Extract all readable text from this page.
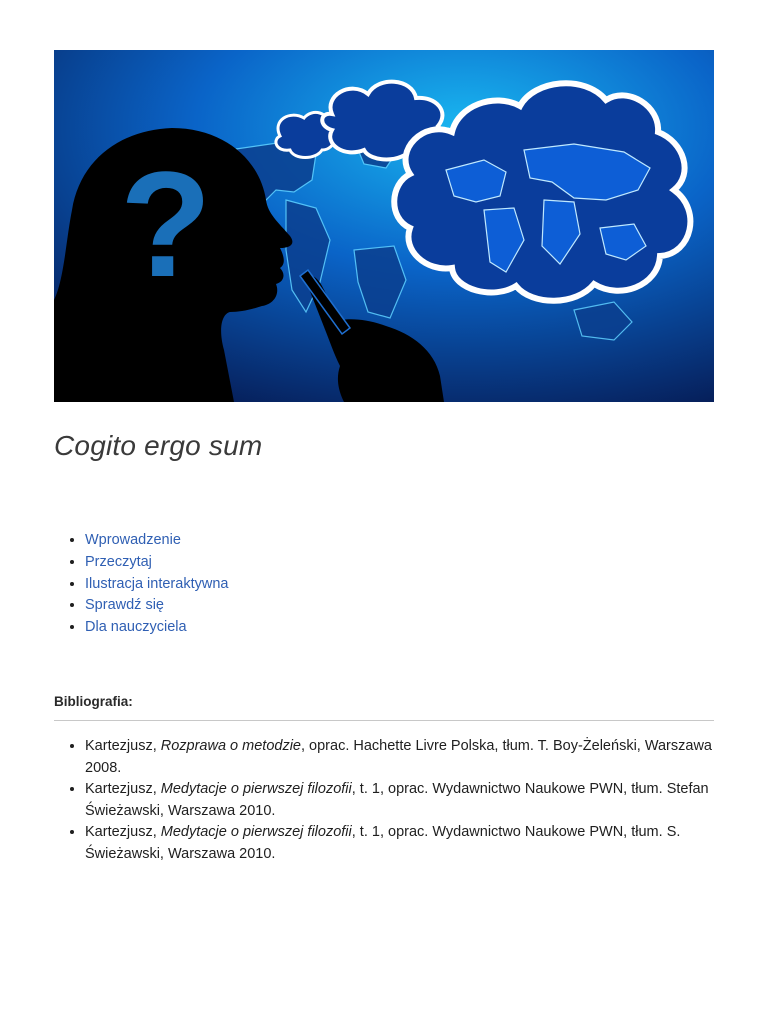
?
Cogito ergo sum
• Wprowadzenie
• Przeczytaj
• Ilustracja interaktywna
• Sprawdź się
• Dla nauczyciela
Bibliografia:
• Kartezjusz, Rozprawa o metodzie, oprac. Hachette Livre Polska, tłum. T. Boy-Żeleński, Warszawa 2008.
• Kartezjusz, Medytacje o pierwszej filozofii, t. 1, oprac. Wydawnictwo Naukowe PWN, tłum. Stefan Świeżawski, Warszawa 2010.
• Kartezjusz, Medytacje o pierwszej filozofii, t. 1, oprac. Wydawnictwo Naukowe PWN, tłum. S. Świeżawski, Warszawa 2010.
